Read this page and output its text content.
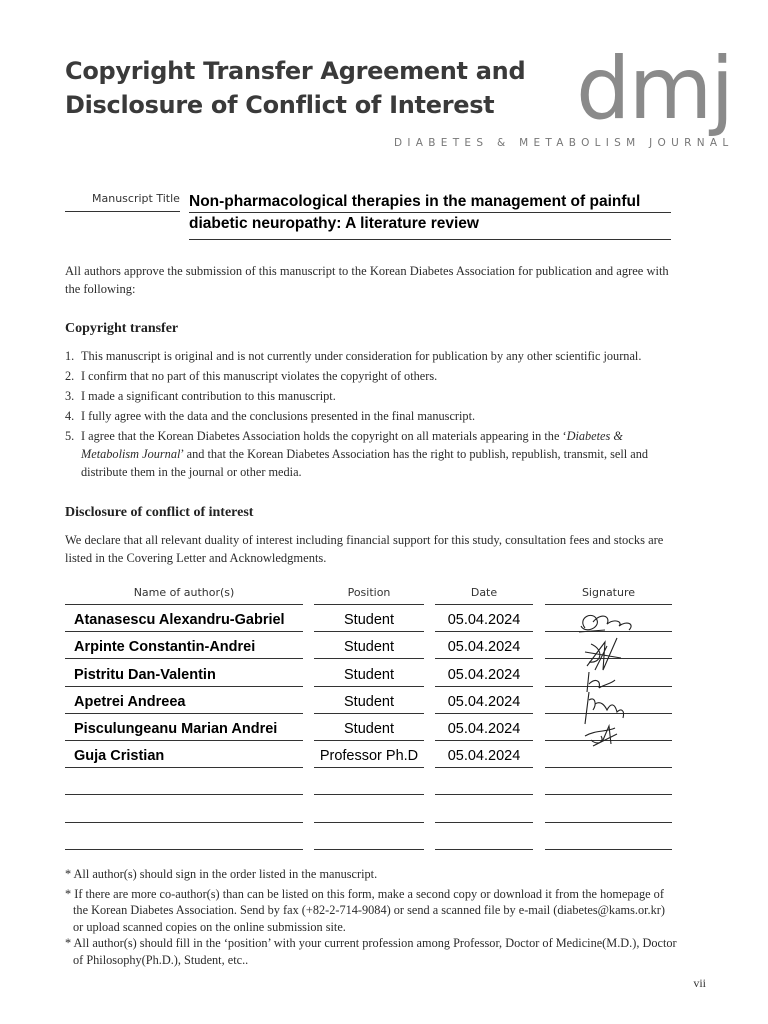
Copyright Transfer Agreement and
Disclosure of Conflict of Interest dmj
DIABETES & METABOLISM JOURNAL
Manuscript Title Non-pharmacological therapies in the management of painful
diabetic neuropathy: A literature review
All authors approve the submission of this manuscript to the Korean Diabetes Association for publication and agree with the following:
Copyright transfer
1. This manuscript is original and is not currently under consideration for publication by any other scientific journal.
2. I confirm that no part of this manuscript violates the copyright of others.
3. I made a significant contribution to this manuscript.
4. I fully agree with the data and the conclusions presented in the final manuscript.
5. I agree that the Korean Diabetes Association holds the copyright on all materials appearing in the ‘Diabetes & Metabolism Journal’ and that the Korean Diabetes Association has the right to publish, republish, transmit, sell and distribute them in the journal or other media.
Disclosure of conflict of interest
We declare that all relevant duality of interest including financial support for this study, consultation fees and stocks are listed in the Covering Letter and Acknowledgments.
Name of author(s)	Position	Date	Signature
Atanasescu Alexandru-Gabriel	Student	05.04.2024
Arpinte Constantin-Andrei	Student	05.04.2024
Pistritu Dan-Valentin	Student	05.04.2024
Apetrei Andreea	Student	05.04.2024
Pisculungeanu Marian Andrei	Student	05.04.2024
Guja Cristian	Professor Ph.D	05.04.2024
* All author(s) should sign in the order listed in the manuscript.
* If there are more co-author(s) than can be listed on this form, make a second copy or download it from the homepage of the Korean Diabetes Association. Send by fax (+82-2-714-9084) or send a scanned file by e-mail (diabetes@kams.or.kr) or upload scanned copies on the online submission site.
* All author(s) should fill in the ‘position’ with your current profession among Professor, Doctor of Medicine(M.D.), Doctor of Philosophy(Ph.D.), Student, etc..
vii
